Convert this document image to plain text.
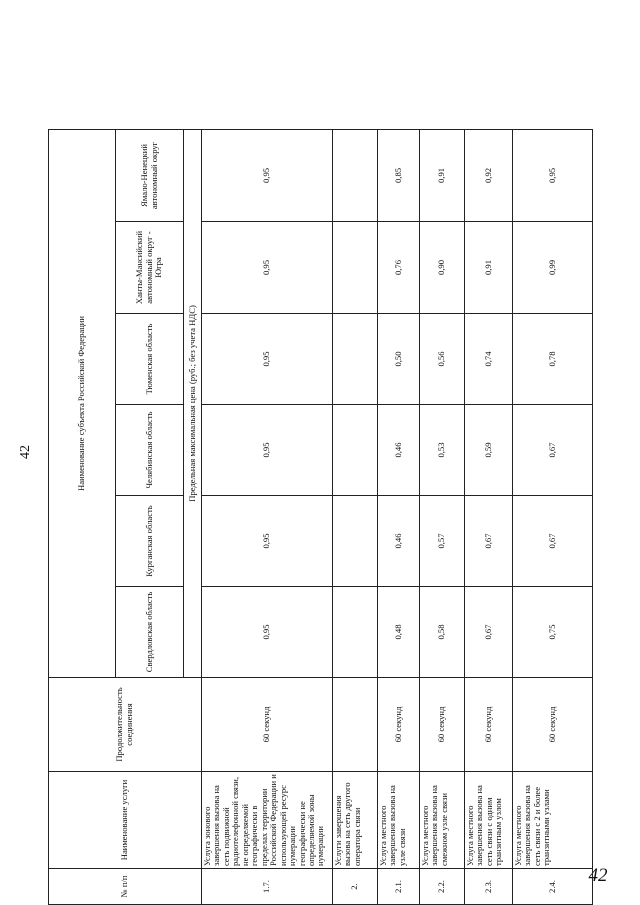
42
42
№ п/п	Наименование услуги	Продолжительность соединения	Наименование субъекта Российской Федерации					
			Свердловская область	Курганская область	Челябинская область	Тюменская область	Ханты-Мансийский автономный округ - Югра	Ямало-Ненецкий автономный округ
			Предельная максимальная цена (руб.; без учета НДС)					
1.7.	Услуга зонового завершения вызова на сеть подвижной радиотелефонной связи, не определяемой географически в пределах территории Российской Федерации и использующей ресурс нумерации географически не определяемой зоны нумерации	60 секунд	0,95	0,95	0,95	0,95	0,95	0,95
2.	Услуги завершения вызова на сеть другого оператора связи							
2.1.	Услуга местного завершения вызова на узле связи	60 секунд	0,48	0,46	0,46	0,50	0,76	0,85
2.2.	Услуга местного завершения вызова на смежном узле связи	60 секунд	0,58	0,57	0,53	0,56	0,90	0,91
2.3.	Услуга местного завершения вызова на сеть связи с одним транзитным узлом	60 секунд	0,67	0,67	0,59	0,74	0,91	0,92
2.4.	Услуга местного завершения вызова на сеть связи с 2 и более транзитными узлами	60 секунд	0,75	0,67	0,67	0,78	0,99	0,95
